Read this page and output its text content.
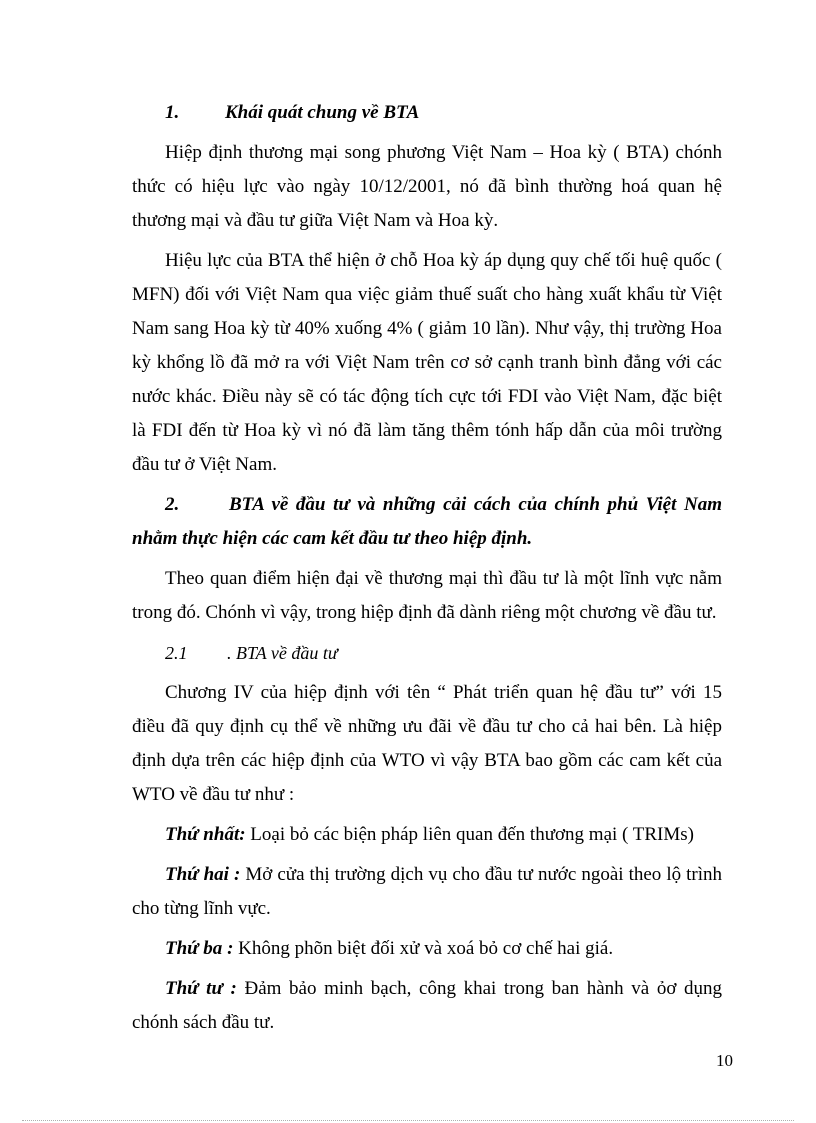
1. Khái quát chung về BTA

Hiệp định thương mại song phương Việt Nam – Hoa kỳ ( BTA) chónh thức có hiệu lực vào ngày 10/12/2001, nó đã bình thường hoá quan hệ thương mại và đầu tư giữa Việt Nam và Hoa kỳ.

Hiệu lực của BTA thể hiện ở chỗ Hoa kỳ áp dụng quy chế tối huệ quốc ( MFN) đối với Việt Nam qua việc giảm thuế suất cho hàng xuất khẩu từ Việt Nam sang Hoa kỳ từ 40% xuống 4% ( giảm 10 lần). Như vậy, thị trường Hoa kỳ khổng lồ đã mở ra với Việt Nam trên cơ sở cạnh tranh bình đẳng với các nước khác. Điều này sẽ có tác động tích cực tới FDI vào Việt Nam, đặc biệt là FDI đến từ Hoa kỳ vì nó đã làm tăng thêm tónh hấp dẫn của môi trường đầu tư ở Việt Nam.

2.	BTA về đầu tư và những cải cách của chính phủ Việt Nam nhằm thực hiện các cam kết đầu tư theo hiệp định.

Theo quan điểm hiện đại về thương mại thì đầu tư là một lĩnh vực nằm trong đó. Chónh vì vậy, trong hiệp định đã dành riêng một chương về đầu tư.

2.1 . BTA về đầu tư

Chương IV của hiệp định với tên “ Phát triển quan hệ đầu tư” với 15 điều đã quy định cụ thể về những ưu đãi về đầu tư cho cả hai bên. Là hiệp định dựa trên các hiệp định của WTO vì vậy BTA bao gồm các cam kết của WTO về đầu tư như :

Thứ nhất: Loại bỏ các biện pháp liên quan đến thương mại ( TRIMs)

Thứ hai : Mở cửa thị trường dịch vụ cho đầu tư nước ngoài theo lộ trình cho từng lĩnh vực.

Thứ ba : Không phõn biệt đối xử và xoá bỏ cơ chế hai giá.

Thứ tư : Đảm bảo minh bạch, công khai trong ban hành và ỏơ dụng chónh sách đầu tư.

10
